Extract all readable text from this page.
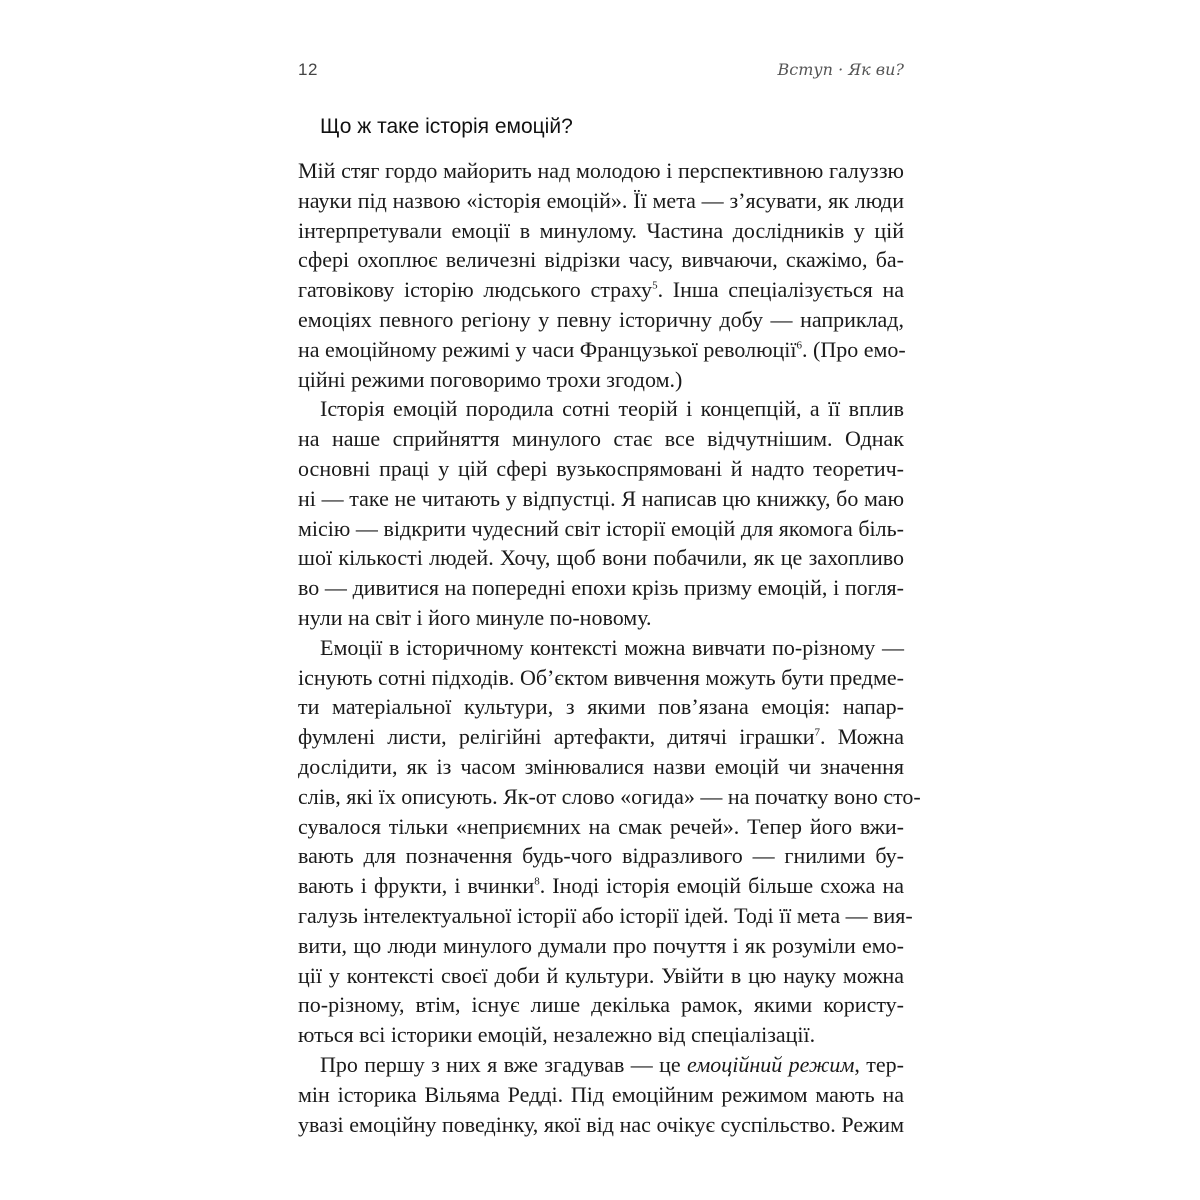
12	Вступ · Як ви?
Що ж таке історія емоцій?
Мій стяг гордо майорить над молодою і перспективною галуззю
науки під назвою «історія емоцій». Її мета — з’ясувати, як люди
інтерпретували емоції в минулому. Частина дослідників у цій
сфері охоплює величезні відрізки часу, вивчаючи, скажімо, ба-
гатовікову історію людського страху$^5$. Інша спеціалізується на
емоціях певного регіону у певну історичну добу — наприклад,
на емоційному режимі у часи Французької революції$^6$. (Про емо-
ційні режими поговоримо трохи згодом.)
Історія емоцій породила сотні теорій і концепцій, а її вплив
на наше сприйняття минулого стає все відчутнішим. Однак
основні праці у цій сфері вузькоспрямовані й надто теоретич-
ні — таке не читають у відпустці. Я написав цю книжку, бо маю
місію — відкрити чудесний світ історії емоцій для якомога біль-
шої кількості людей. Хочу, щоб вони побачили, як це захопливо
во — дивитися на попередні епохи крізь призму емоцій, і погля-
нули на світ і його минуле по-новому.
Емоції в історичному контексті можна вивчати по-різному —
існують сотні підходів. Об’єктом вивчення можуть бути предме-
ти матеріальної культури, з якими пов’язана емоція: напар-
фумлені листи, релігійні артефакти, дитячі іграшки$^7$. Можна
дослідити, як із часом змінювалися назви емоцій чи значення
слів, які їх описують. Як-от слово «огида» — на початку воно сто-
сувалося тільки «неприємних на смак речей». Тепер його вжи-
вають для позначення будь-чого відразливого — гнилими бу-
вають і фрукти, і вчинки$^8$. Іноді історія емоцій більше схожа на
галузь інтелектуальної історії або історії ідей. Тоді її мета — вия-
вити, що люди минулого думали про почуття і як розуміли емо-
ції у контексті своєї доби й культури. Увійти в цю науку можна
по-різному, втім, існує лише декілька рамок, якими користу-
ються всі історики емоцій, незалежно від спеціалізації.
Про першу з них я вже згадував — це емоційний режим, тер-
мін історика Вільяма Редді. Під емоційним режимом мають на
увазі емоційну поведінку, якої від нас очікує суспільство. Режим
